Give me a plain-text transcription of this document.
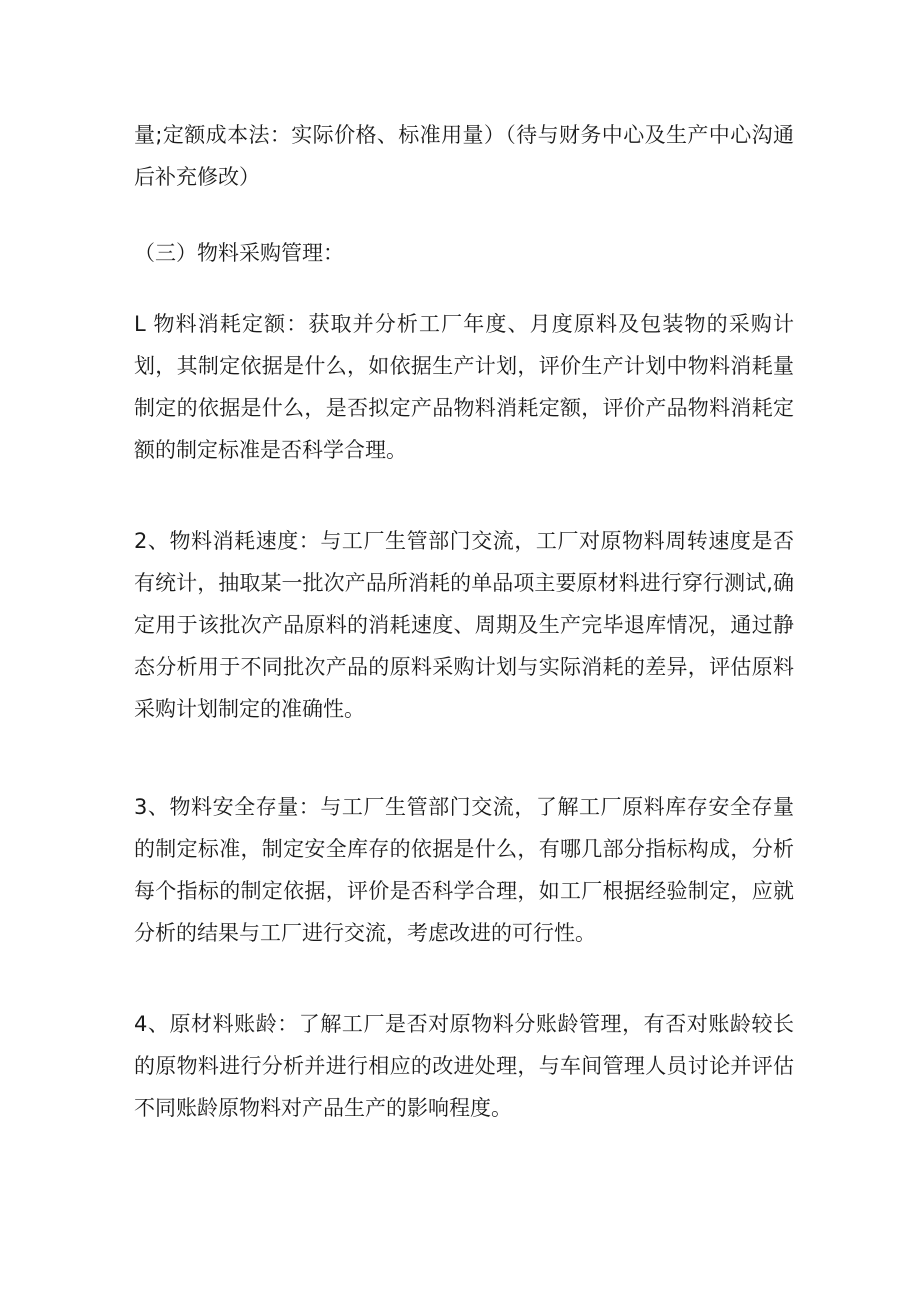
量;定额成本法：实际价格、标准用量）（待与财务中心及生产中心沟通后补充修改）

（三）物料采购管理：

L 物料消耗定额：获取并分析工厂年度、月度原料及包装物的采购计划，其制定依据是什么，如依据生产计划，评价生产计划中物料消耗量制定的依据是什么，是否拟定产品物料消耗定额，评价产品物料消耗定额的制定标准是否科学合理。

2、物料消耗速度：与工厂生管部门交流，工厂对原物料周转速度是否有统计，抽取某一批次产品所消耗的单品项主要原材料进行穿行测试,确定用于该批次产品原料的消耗速度、周期及生产完毕退库情况，通过静态分析用于不同批次产品的原料采购计划与实际消耗的差异，评估原料采购计划制定的准确性。

3、物料安全存量：与工厂生管部门交流，了解工厂原料库存安全存量的制定标准，制定安全库存的依据是什么，有哪几部分指标构成，分析每个指标的制定依据，评价是否科学合理，如工厂根据经验制定，应就分析的结果与工厂进行交流，考虑改进的可行性。

4、原材料账龄：了解工厂是否对原物料分账龄管理，有否对账龄较长的原物料进行分析并进行相应的改进处理，与车间管理人员讨论并评估不同账龄原物料对产品生产的影响程度。
